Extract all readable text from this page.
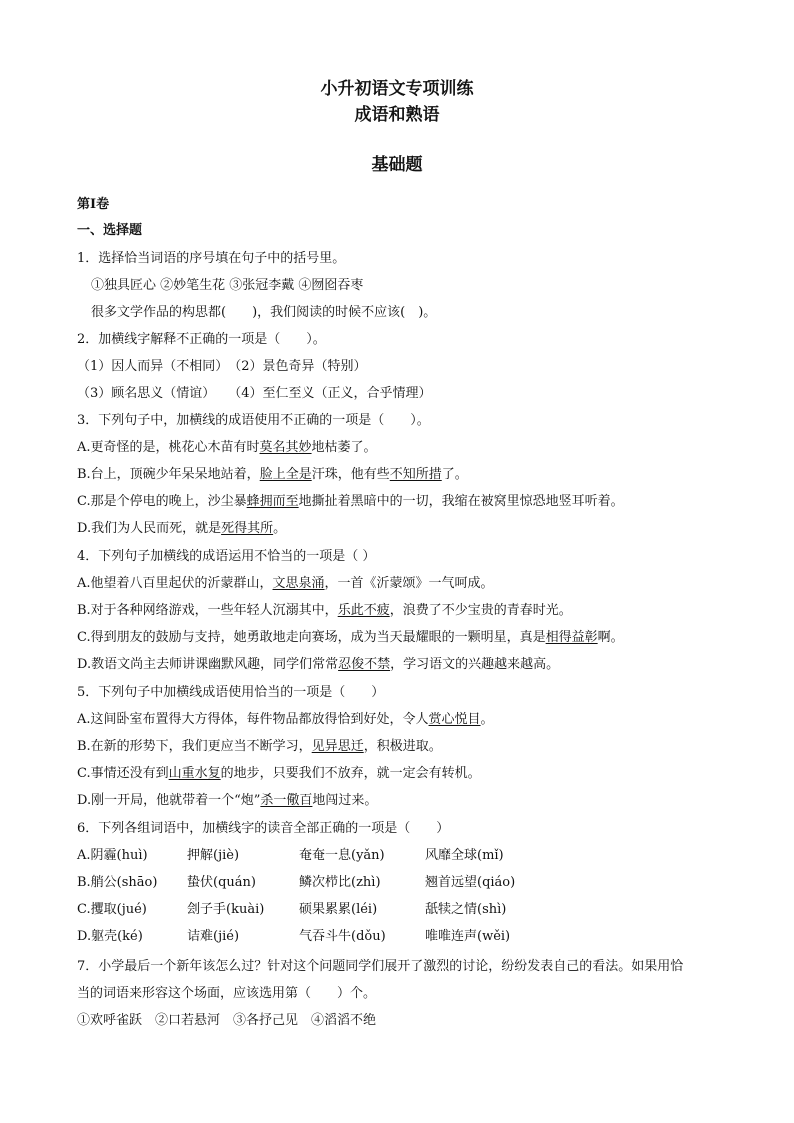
小升初语文专项训练
成语和熟语
基础题
第Ⅰ卷
一、选择题
1．选择恰当词语的序号填在句子中的括号里。
①独具匠心 ②妙笔生花 ③张冠李戴 ④囫囵吞枣
很多文学作品的构思都(　　)，我们阅读的时候不应该(　)。
2．加横线字解释不正确的一项是（　　）。
（1）因人而异（不相同）　（2）景色奇异（特别）
（3）顾名思义（情谊）　　（4）至仁至义（正义，合乎情理）
3．下列句子中，加横线的成语使用不正确的一项是（　　）。
A.更奇怪的是，桃花心木苗有时莫名其妙地枯萎了。
B.台上，顶碗少年呆呆地站着，脸上全是汗珠，他有些不知所措了。
C.那是个停电的晚上，沙尘暴蜂拥而至地撕扯着黑暗中的一切，我缩在被窝里惊恐地竖耳听着。
D.我们为人民而死，就是死得其所。
4．下列句子加横线的成语运用不恰当的一项是（ ）
A.他望着八百里起伏的沂蒙群山，文思泉涌，一首《沂蒙颂》一气呵成。
B.对于各种网络游戏，一些年轻人沉溺其中，乐此不疲，浪费了不少宝贵的青春时光。
C.得到朋友的鼓励与支持，她勇敢地走向赛场，成为当天最耀眼的一颗明星，真是相得益彰啊。
D.教语文尚主去师讲课幽默风趣，同学们常常忍俊不禁，学习语文的兴趣越来越高。
5．下列句子中加横线成语使用恰当的一项是（　　）
A.这间卧室布置得大方得体，每件物品都放得恰到好处，令人赏心悦目。
B.在新的形势下，我们更应当不断学习，见异思迁，积极进取。
C.事情还没有到山重水复的地步，只要我们不放弃，就一定会有转机。
D.刚一开局，他就带着一个“炮”杀一儆百地闯过来。
6．下列各组词语中，加横线字的读音全部正确的一项是（　　）
A.阴霾(huì)	押解(jiè)	奄奄一息(yǎn)	风靡全球(mǐ)
B.艄公(shāo) 蛰伏(quán)	鳞次栉比(zhì)	翘首远望(qiáo)
C.攫取(jué)	刽子手(kuài)	硕果累累(léi)	舐犊之情(shì)
D.躯壳(ké)	诘难(jié)	气吞斗牛(dǒu)	唯唯连声(wěi)
7．小学最后一个新年该怎么过？针对这个问题同学们展开了激烈的讨论，纷纷发表自己的看法。如果用恰
当的词语来形容这个场面，应该选用第（　　）个。
①欢呼雀跃　②口若悬河　③各抒己见　④滔滔不绝
